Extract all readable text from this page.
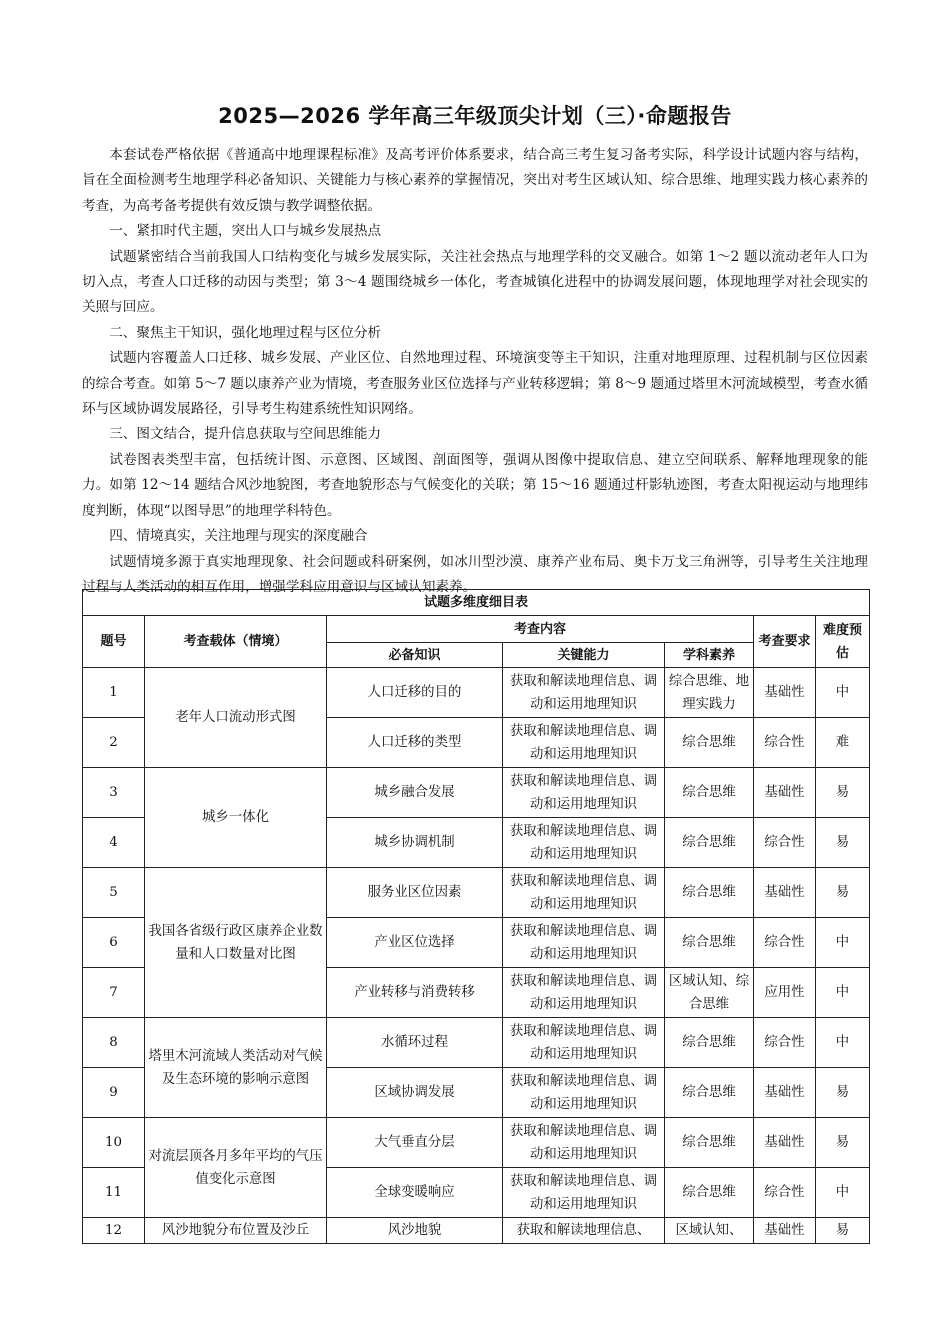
2025—2026 学年高三年级顶尖计划（三）·命题报告

本套试卷严格依据《普通高中地理课程标准》及高考评价体系要求，结合高三考生复习备考实际，科学设计试题内容与结构，旨在全面检测考生地理学科必备知识、关键能力与核心素养的掌握情况，突出对考生区域认知、综合思维、地理实践力核心素养的考查，为高考备考提供有效反馈与教学调整依据。

一、紧扣时代主题，突出人口与城乡发展热点

试题紧密结合当前我国人口结构变化与城乡发展实际，关注社会热点与地理学科的交叉融合。如第 1～2 题以流动老年人口为切入点，考查人口迁移的动因与类型；第 3～4 题围绕城乡一体化，考查城镇化进程中的协调发展问题，体现地理学对社会现实的关照与回应。

二、聚焦主干知识，强化地理过程与区位分析

试题内容覆盖人口迁移、城乡发展、产业区位、自然地理过程、环境演变等主干知识，注重对地理原理、过程机制与区位因素的综合考查。如第 5～7 题以康养产业为情境，考查服务业区位选择与产业转移逻辑；第 8～9 题通过塔里木河流域模型，考查水循环与区域协调发展路径，引导考生构建系统性知识网络。

三、图文结合，提升信息获取与空间思维能力

试卷图表类型丰富，包括统计图、示意图、区域图、剖面图等，强调从图像中提取信息、建立空间联系、解释地理现象的能力。如第 12～14 题结合风沙地貌图，考查地貌形态与气候变化的关联；第 15～16 题通过杆影轨迹图，考查太阳视运动与地理纬度判断，体现“以图导思”的地理学科特色。

四、情境真实，关注地理与现实的深度融合

试题情境多源于真实地理现象、社会问题或科研案例，如冰川型沙漠、康养产业布局、奥卡万戈三角洲等，引导考生关注地理过程与人类活动的相互作用，增强学科应用意识与区域认知素养。

试题多维度细目表						
题号	考查载体（情境）	考查内容			考查要求	难度预估
		必备知识	关键能力	学科素养		
1	老年人口流动形式图	人口迁移的目的	获取和解读地理信息、调动和运用地理知识	综合思维、地理实践力	基础性	中
2		人口迁移的类型	获取和解读地理信息、调动和运用地理知识	综合思维	综合性	难
3	城乡一体化	城乡融合发展	获取和解读地理信息、调动和运用地理知识	综合思维	基础性	易
4		城乡协调机制	获取和解读地理信息、调动和运用地理知识	综合思维	综合性	易
5	我国各省级行政区康养企业数量和人口数量对比图	服务业区位因素	获取和解读地理信息、调动和运用地理知识	综合思维	基础性	易
6		产业区位选择	获取和解读地理信息、调动和运用地理知识	综合思维	综合性	中
7		产业转移与消费转移	获取和解读地理信息、调动和运用地理知识	区域认知、综合思维	应用性	中
8	塔里木河流域人类活动对气候及生态环境的影响示意图	水循环过程	获取和解读地理信息、调动和运用地理知识	综合思维	综合性	中
9		区域协调发展	获取和解读地理信息、调动和运用地理知识	综合思维	基础性	易
10	对流层顶各月多年平均的气压值变化示意图	大气垂直分层	获取和解读地理信息、调动和运用地理知识	综合思维	基础性	易
11		全球变暖响应	获取和解读地理信息、调动和运用地理知识	综合思维	综合性	中
12	风沙地貌分布位置及沙丘	风沙地貌	获取和解读地理信息、	区域认知、	基础性	易
